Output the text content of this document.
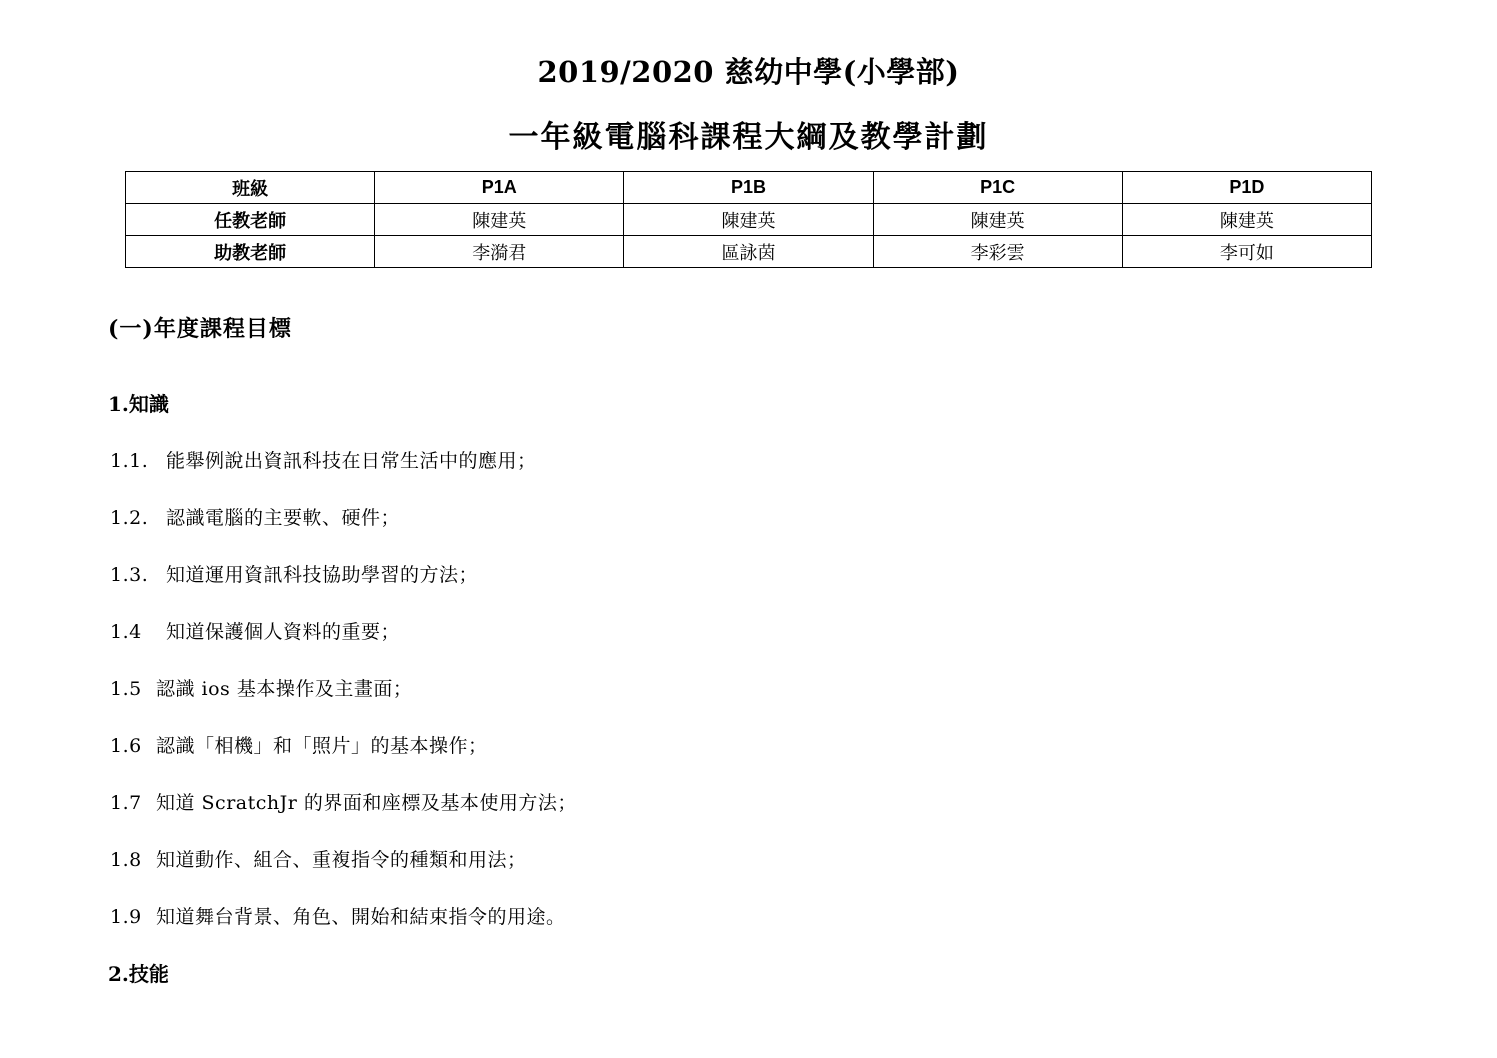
2019/2020 慈幼中學(小學部)
一年級電腦科課程大綱及教學計劃
班級	P1A	P1B	P1C	P1D
任教老師	陳建英	陳建英	陳建英	陳建英
助教老師	李漪君	區詠茵	李彩雲	李可如
(一)年度課程目標
1.知識
1.1. 能舉例說出資訊科技在日常生活中的應用；
1.2. 認識電腦的主要軟、硬件；
1.3. 知道運用資訊科技協助學習的方法；
1.4 知道保護個人資料的重要；
1.5 認識 ios 基本操作及主畫面；
1.6 認識「相機」和「照片」的基本操作；
1.7 知道 ScratchJr 的界面和座標及基本使用方法；
1.8 知道動作、組合、重複指令的種類和用法；
1.9 知道舞台背景、角色、開始和結束指令的用途。
2.技能
